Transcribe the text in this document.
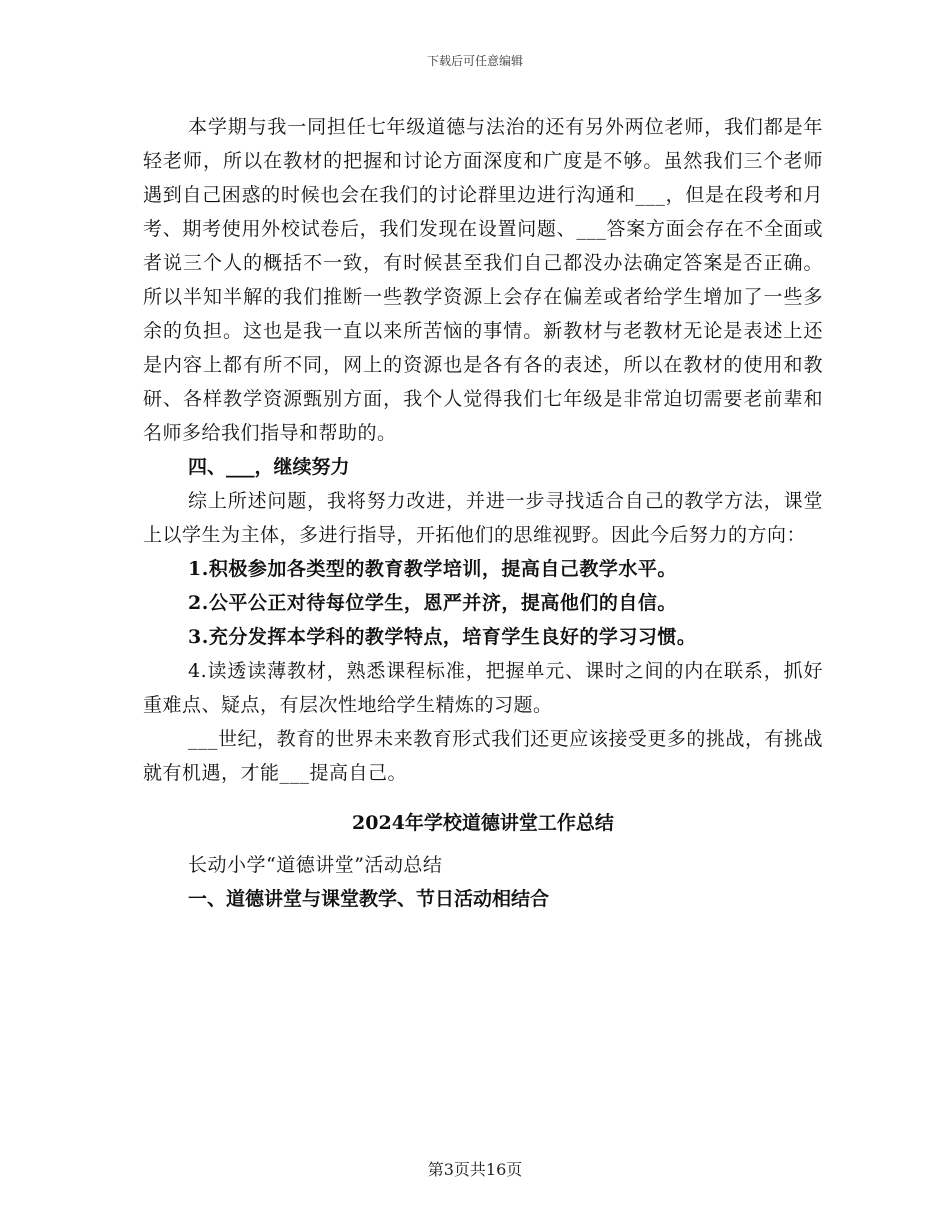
下载后可任意编辑

本学期与我一同担任七年级道德与法治的还有另外两位老师，我们都是年轻老师，所以在教材的把握和讨论方面深度和广度是不够。虽然我们三个老师遇到自己困惑的时候也会在我们的讨论群里边进行沟通和___，但是在段考和月考、期考使用外校试卷后，我们发现在设置问题、___答案方面会存在不全面或者说三个人的概括不一致，有时候甚至我们自己都没办法确定答案是否正确。所以半知半解的我们推断一些教学资源上会存在偏差或者给学生增加了一些多余的负担。这也是我一直以来所苦恼的事情。新教材与老教材无论是表述上还是内容上都有所不同，网上的资源也是各有各的表述，所以在教材的使用和教研、各样教学资源甄别方面，我个人觉得我们七年级是非常迫切需要老前辈和名师多给我们指导和帮助的。

四、___，继续努力

综上所述问题，我将努力改进，并进一步寻找适合自己的教学方法，课堂上以学生为主体，多进行指导，开拓他们的思维视野。因此今后努力的方向：

1.积极参加各类型的教育教学培训，提高自己教学水平。

2.公平公正对待每位学生，恩严并济，提高他们的自信。

3.充分发挥本学科的教学特点，培育学生良好的学习习惯。

4.读透读薄教材，熟悉课程标准，把握单元、课时之间的内在联系，抓好重难点、疑点，有层次性地给学生精炼的习题。

___世纪，教育的世界未来教育形式我们还更应该接受更多的挑战，有挑战就有机遇，才能___提高自己。

2024年学校道德讲堂工作总结

长动小学“道德讲堂”活动总结

一、道德讲堂与课堂教学、节日活动相结合

第3页共16页
